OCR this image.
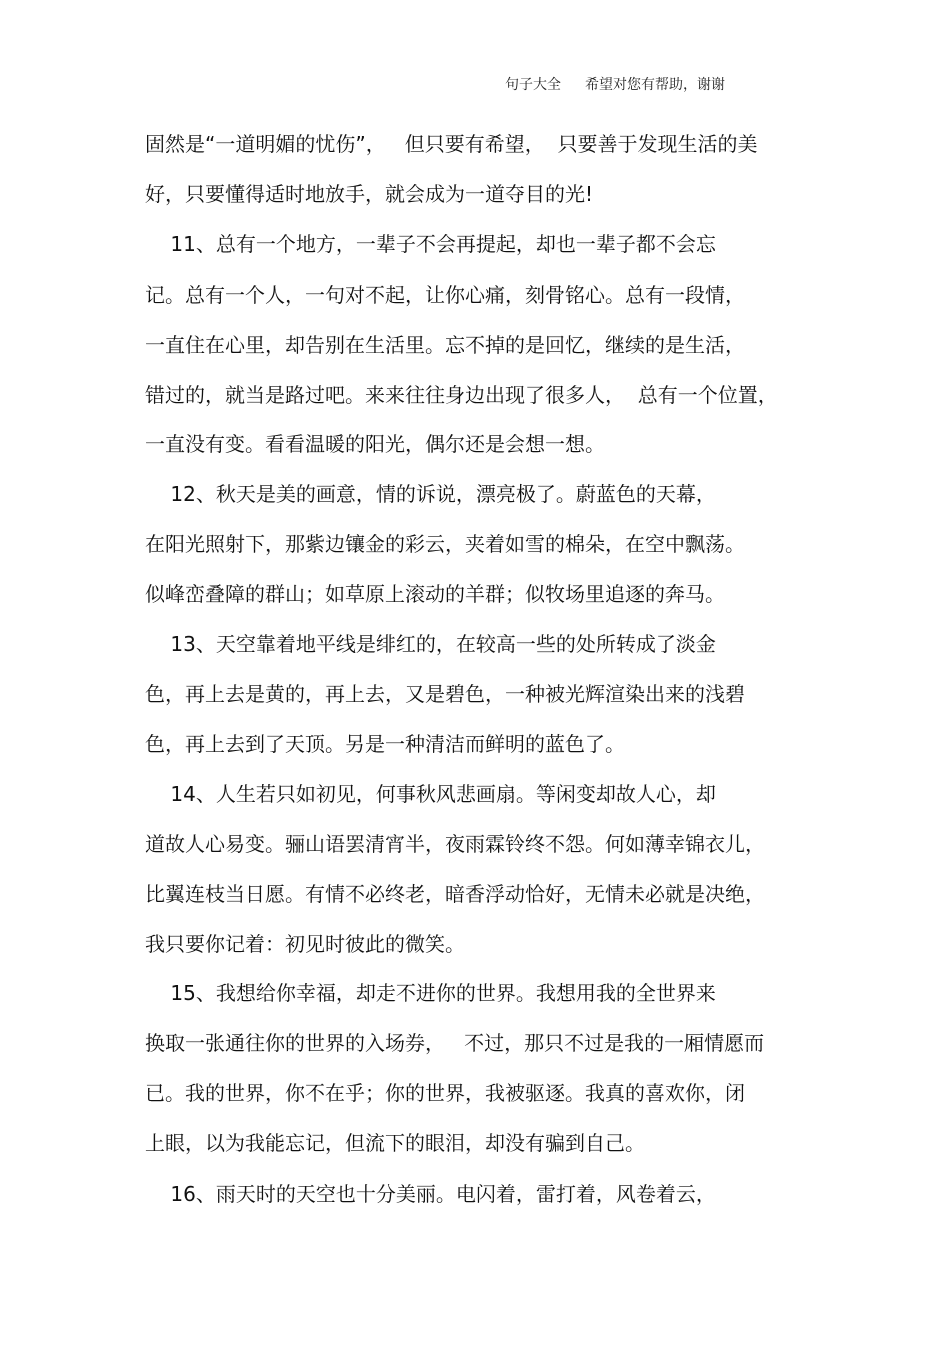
句子大全 希望对您有帮助，谢谢
固然是“一道明媚的忧伤”，   但只要有希望，  只要善于发现生活的美
好，只要懂得适时地放手，就会成为一道夺目的光!
11、总有一个地方，一辈子不会再提起，却也一辈子都不会忘
记。总有一个人，一句对不起，让你心痛，刻骨铭心。总有一段情，
一直住在心里，却告别在生活里。忘不掉的是回忆，继续的是生活，
错过的，就当是路过吧。来来往往身边出现了很多人，  总有一个位置，
一直没有变。看看温暖的阳光，偶尔还是会想一想。
12、秋天是美的画意，情的诉说，漂亮极了。蔚蓝色的天幕，
在阳光照射下，那紫边镶金的彩云，夹着如雪的棉朵，在空中飘荡。
似峰峦叠障的群山；如草原上滚动的羊群；似牧场里追逐的奔马。
13、天空靠着地平线是绯红的，在较高一些的处所转成了淡金
色，再上去是黄的，再上去，又是碧色，一种被光辉渲染出来的浅碧
色，再上去到了天顶。另是一种清洁而鲜明的蓝色了。
14、人生若只如初见，何事秋风悲画扇。等闲变却故人心，却
道故人心易变。骊山语罢清宵半，夜雨霖铃终不怨。何如薄幸锦衣儿，
比翼连枝当日愿。有情不必终老，暗香浮动恰好，无情未必就是决绝，
我只要你记着：初见时彼此的微笑。
15、我想给你幸福，却走不进你的世界。我想用我的全世界来
换取一张通往你的世界的入场券，   不过，那只不过是我的一厢情愿而
已。我的世界，你不在乎；你的世界，我被驱逐。我真的喜欢你，闭
上眼，以为我能忘记，但流下的眼泪，却没有骗到自己。
16、雨天时的天空也十分美丽。电闪着，雷打着，风卷着云，
